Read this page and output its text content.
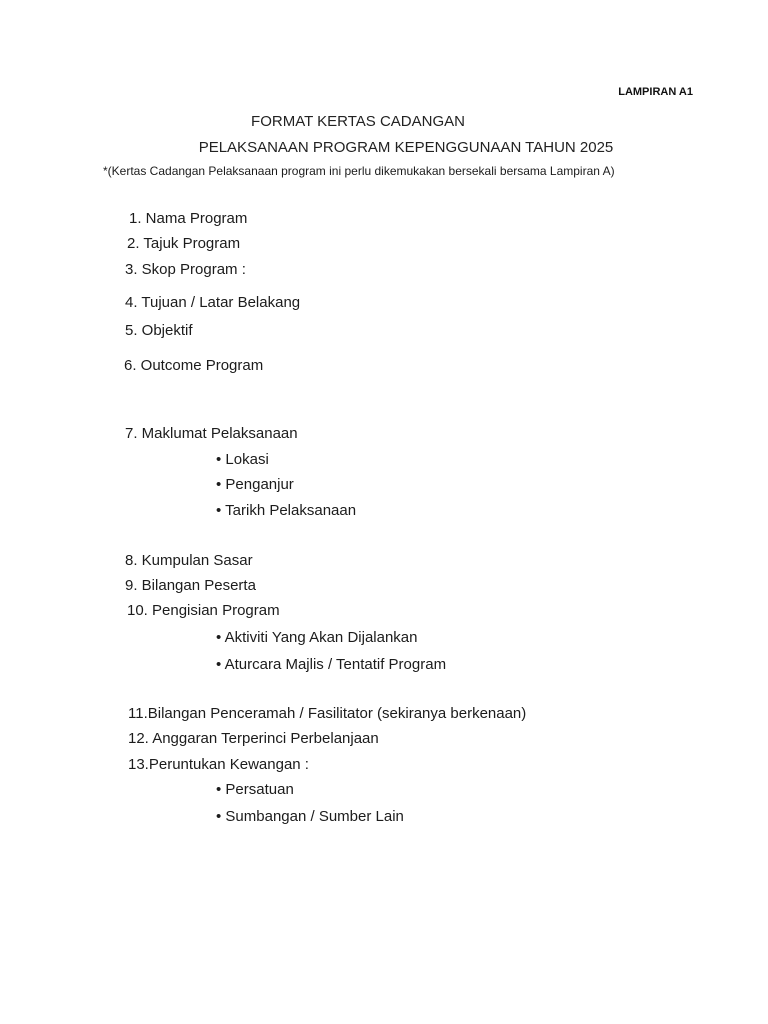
LAMPIRAN A1
FORMAT KERTAS CADANGAN
PELAKSANAAN PROGRAM KEPENGGUNAAN TAHUN 2025
*(Kertas Cadangan Pelaksanaan program ini perlu dikemukakan bersekali bersama Lampiran A)
1. Nama Program
2. Tajuk Program
3. Skop Program :
4. Tujuan / Latar Belakang
5. Objektif
6. Outcome Program
7. Maklumat Pelaksanaan
• Lokasi
• Penganjur
• Tarikh Pelaksanaan
8. Kumpulan Sasar
9. Bilangan Peserta
10. Pengisian Program
• Aktiviti Yang Akan Dijalankan
• Aturcara Majlis / Tentatif Program
11.Bilangan Penceramah / Fasilitator (sekiranya berkenaan)
12. Anggaran Terperinci Perbelanjaan
13.Peruntukan Kewangan :
• Persatuan
• Sumbangan / Sumber Lain
